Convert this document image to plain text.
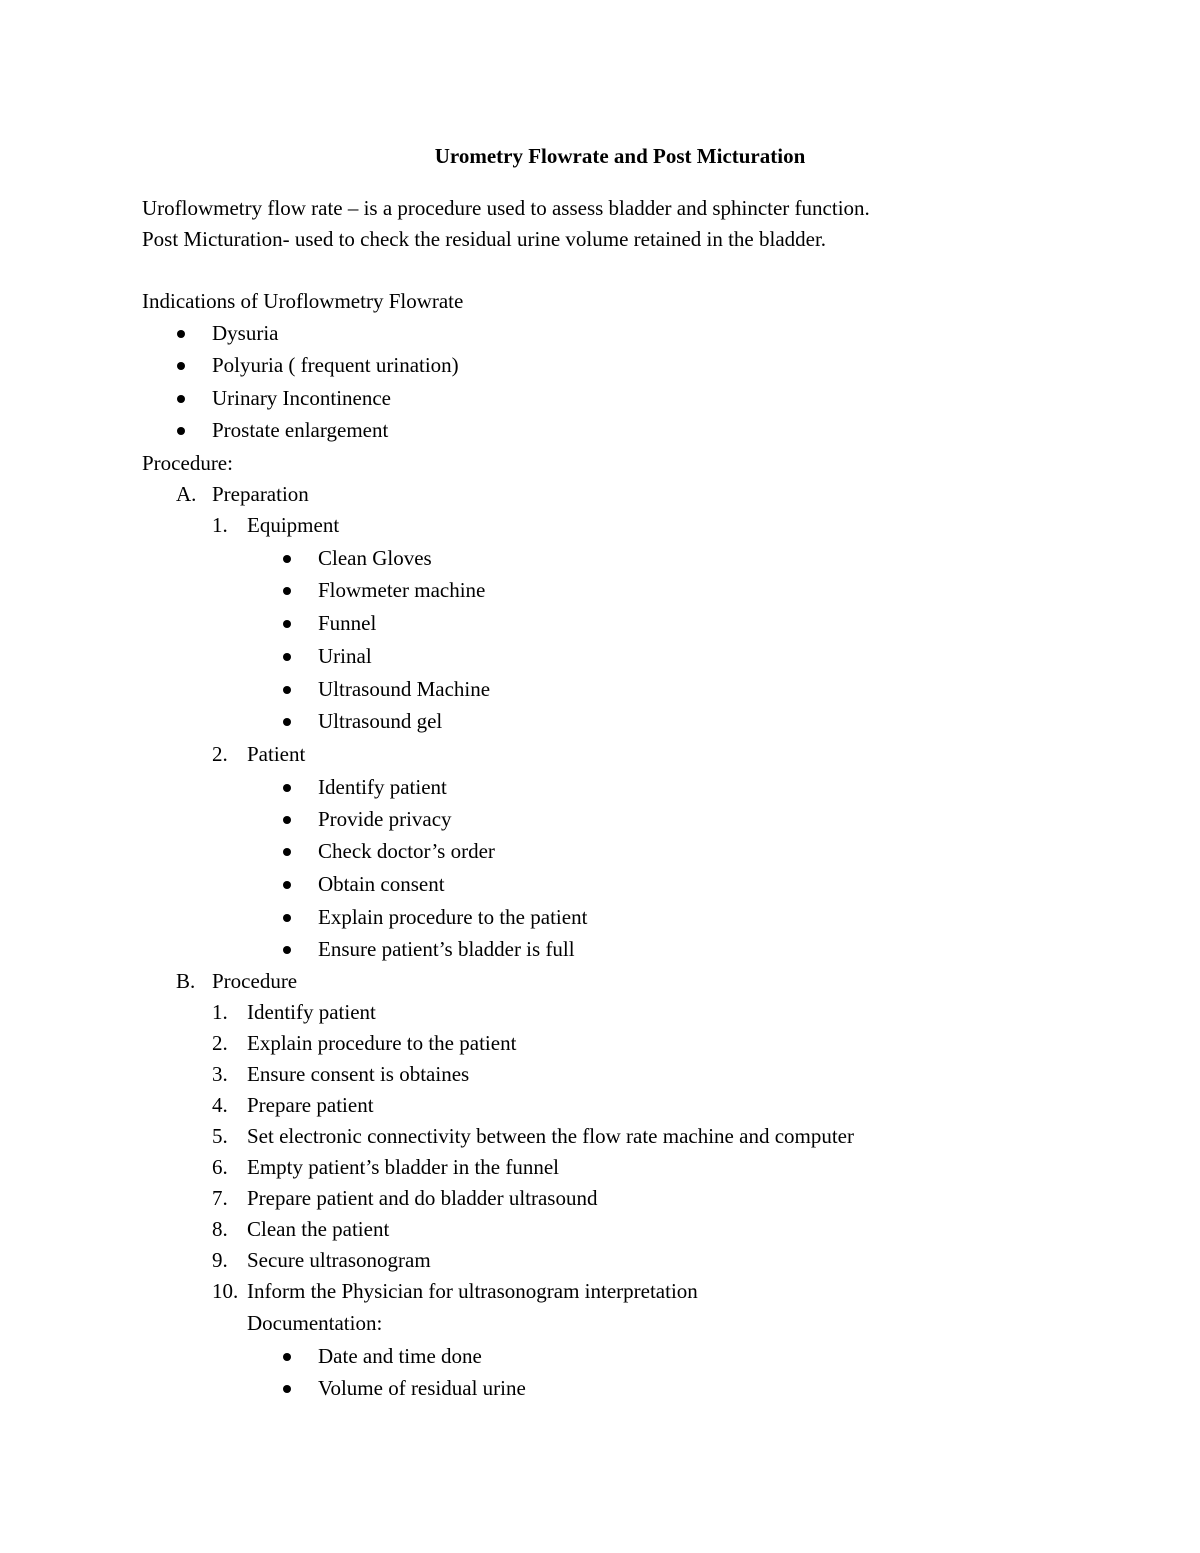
Urometry Flowrate and Post Micturation
Uroflowmetry flow rate – is a procedure used to assess bladder and sphincter function.
Post Micturation- used to check the residual urine volume retained in the bladder.
Indications of Uroflowmetry Flowrate
Dysuria
Polyuria ( frequent urination)
Urinary Incontinence
Prostate enlargement
Procedure:
A. Preparation
1. Equipment
Clean Gloves
Flowmeter machine
Funnel
Urinal
Ultrasound Machine
Ultrasound gel
2. Patient
Identify patient
Provide privacy
Check doctor’s order
Obtain consent
Explain procedure to the patient
Ensure patient’s bladder is full
B. Procedure
1. Identify patient
2. Explain procedure to the patient
3. Ensure consent is obtaines
4. Prepare patient
5. Set electronic connectivity between the flow rate machine and computer
6. Empty patient’s bladder in the funnel
7. Prepare patient and do bladder ultrasound
8. Clean the patient
9. Secure ultrasonogram
10. Inform the Physician for ultrasonogram interpretation
Documentation:
Date and time done
Volume of residual urine
